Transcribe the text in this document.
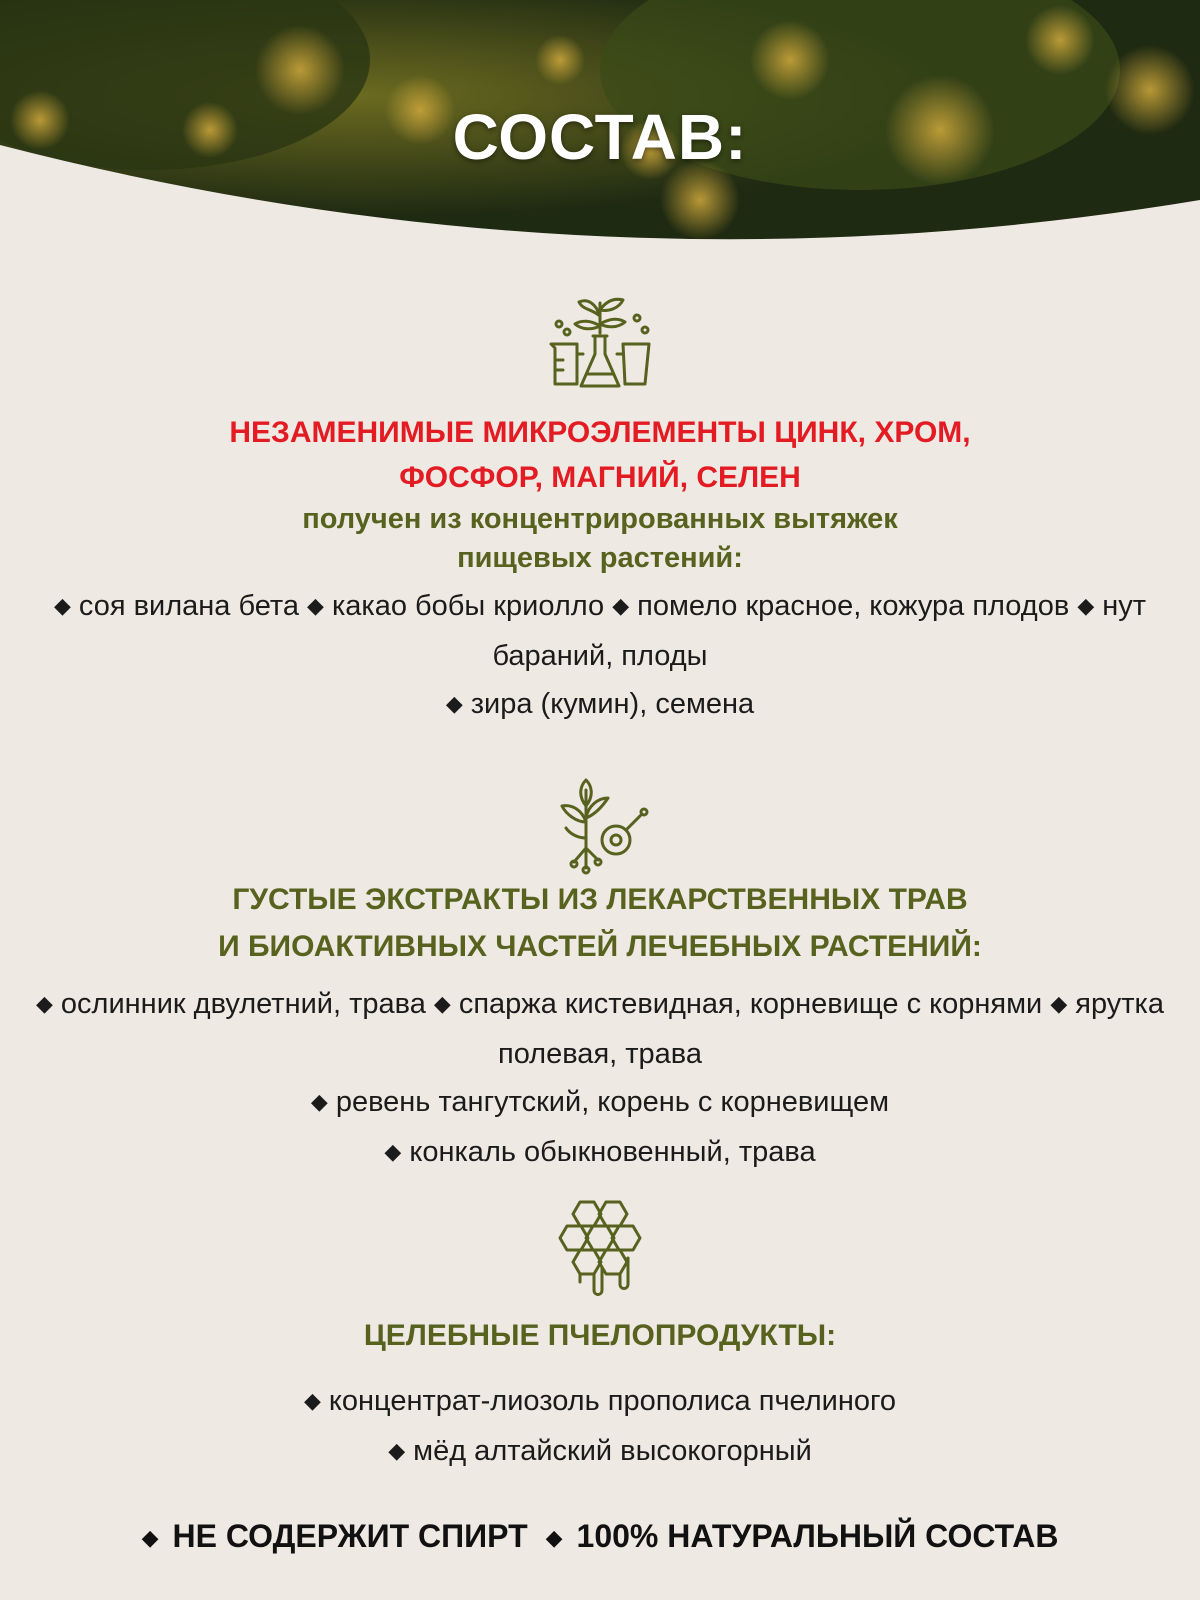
СОСТАВ:
НЕЗАМЕНИМЫЕ МИКРОЭЛЕМЕНТЫ ЦИНК, ХРОМ,
ФОСФОР, МАГНИЙ, СЕЛЕН
получен из концентрированных вытяжек
пищевых растений:
◆ соя вилана бета ◆ какао бобы криолло ◆ помело красное, кожура плодов ◆ нут бараний, плоды
◆ зира (кумин), семена
ГУСТЫЕ ЭКСТРАКТЫ ИЗ ЛЕКАРСТВЕННЫХ ТРАВ
И БИОАКТИВНЫХ ЧАСТЕЙ ЛЕЧЕБНЫХ РАСТЕНИЙ:
◆ ослинник двулетний, трава ◆ спаржа кистевидная, корневище с корнями ◆ ярутка полевая, трава
◆ ревень тангутский, корень с корневищем
◆ конкаль обыкновенный, трава
ЦЕЛЕБНЫЕ ПЧЕЛОПРОДУКТЫ:
◆ концентрат-лиозоль прополиса пчелиного
◆ мёд алтайский высокогорный
◆ НЕ СОДЕРЖИТ СПИРТ ◆ 100% НАТУРАЛЬНЫЙ СОСТАВ
